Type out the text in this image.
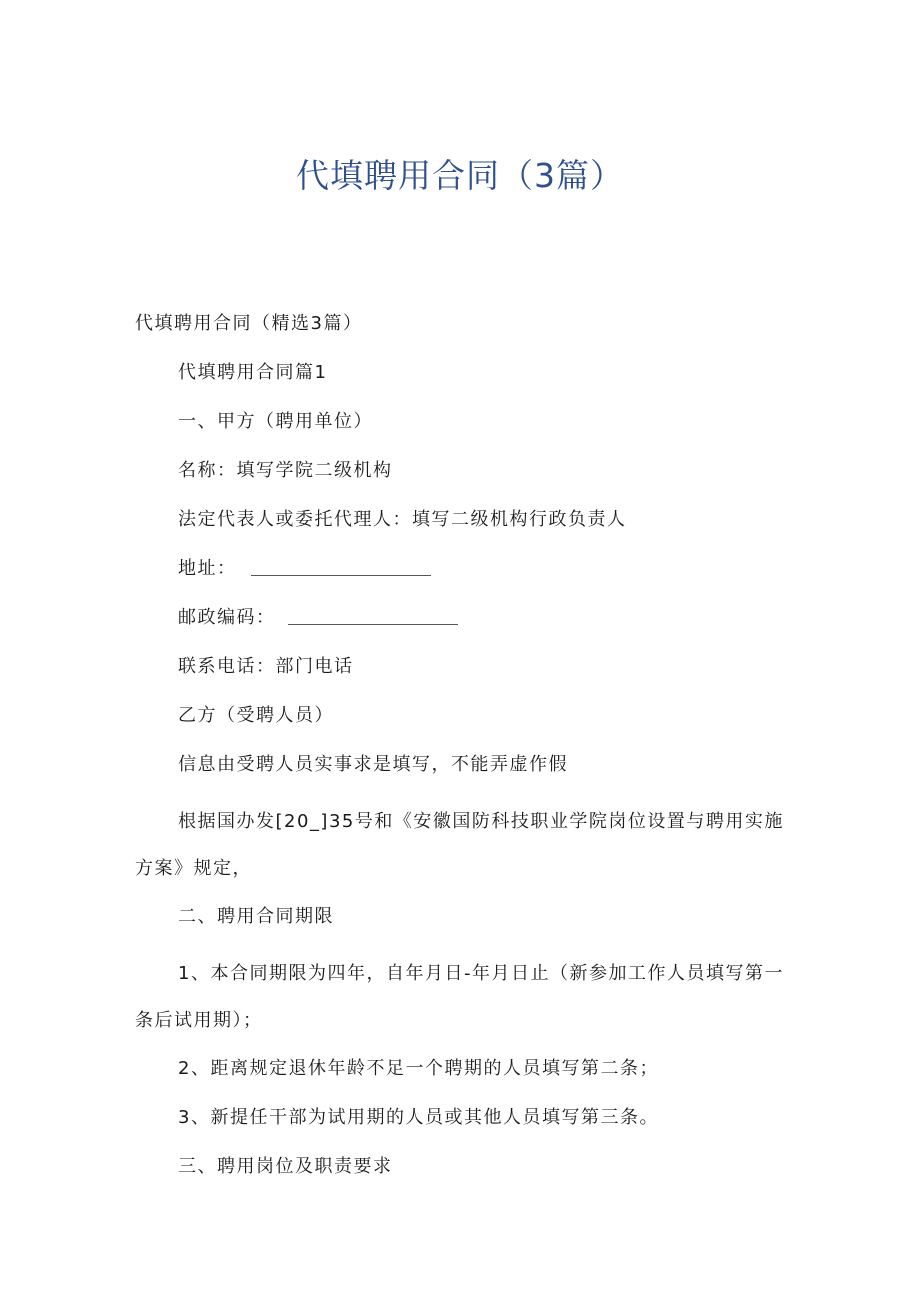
代填聘用合同（3篇）

代填聘用合同（精选3篇）

代填聘用合同篇1

一、甲方（聘用单位）

名称：填写学院二级机构

法定代表人或委托代理人：填写二级机构行政负责人

地址：

邮政编码：

联系电话：部门电话

乙方（受聘人员）

信息由受聘人员实事求是填写，不能弄虚作假

根据国办发[20_]35号和《安徽国防科技职业学院岗位设置与聘用实施方案》规定，

二、聘用合同期限

1、本合同期限为四年，自年月日-年月日止（新参加工作人员填写第一条后试用期）；

2、距离规定退休年龄不足一个聘期的人员填写第二条；

3、新提任干部为试用期的人员或其他人员填写第三条。

三、聘用岗位及职责要求
